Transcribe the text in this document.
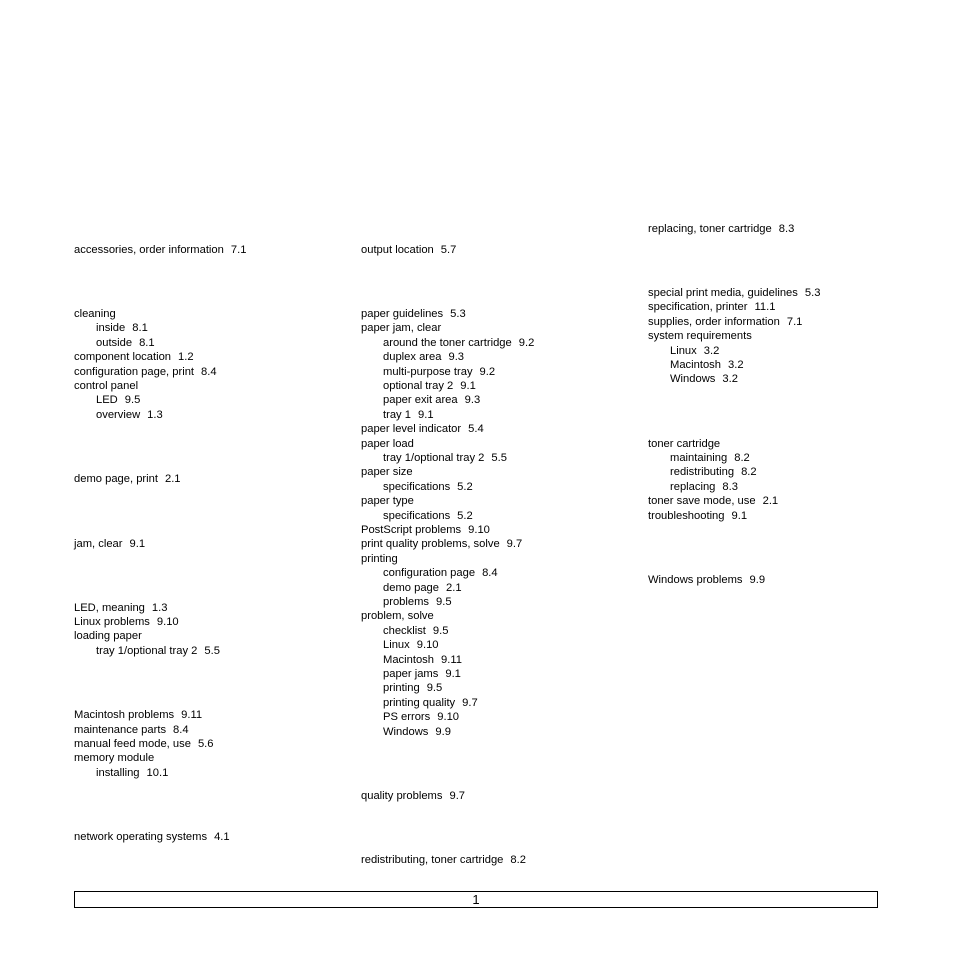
accessories, order information 7.1
cleaning
inside 8.1
outside 8.1
component location 1.2
configuration page, print 8.4
control panel
LED 9.5
overview 1.3
demo page, print 2.1
jam, clear 9.1
LED, meaning 1.3
Linux problems 9.10
loading paper
tray 1/optional tray 2 5.5
Macintosh problems 9.11
maintenance parts 8.4
manual feed mode, use 5.6
memory module
installing 10.1
network operating systems 4.1
output location 5.7
paper guidelines 5.3
paper jam, clear
around the toner cartridge 9.2
duplex area 9.3
multi-purpose tray 9.2
optional tray 2 9.1
paper exit area 9.3
tray 1 9.1
paper level indicator 5.4
paper load
tray 1/optional tray 2 5.5
paper size
specifications 5.2
paper type
specifications 5.2
PostScript problems 9.10
print quality problems, solve 9.7
printing
configuration page 8.4
demo page 2.1
problems 9.5
problem, solve
checklist 9.5
Linux 9.10
Macintosh 9.11
paper jams 9.1
printing 9.5
printing quality 9.7
PS errors 9.10
Windows 9.9
quality problems 9.7
redistributing, toner cartridge 8.2
replacing, toner cartridge 8.3
special print media, guidelines 5.3
specification, printer 11.1
supplies, order information 7.1
system requirements
Linux 3.2
Macintosh 3.2
Windows 3.2
toner cartridge
maintaining 8.2
redistributing 8.2
replacing 8.3
toner save mode, use 2.1
troubleshooting 9.1
Windows problems 9.9
1
